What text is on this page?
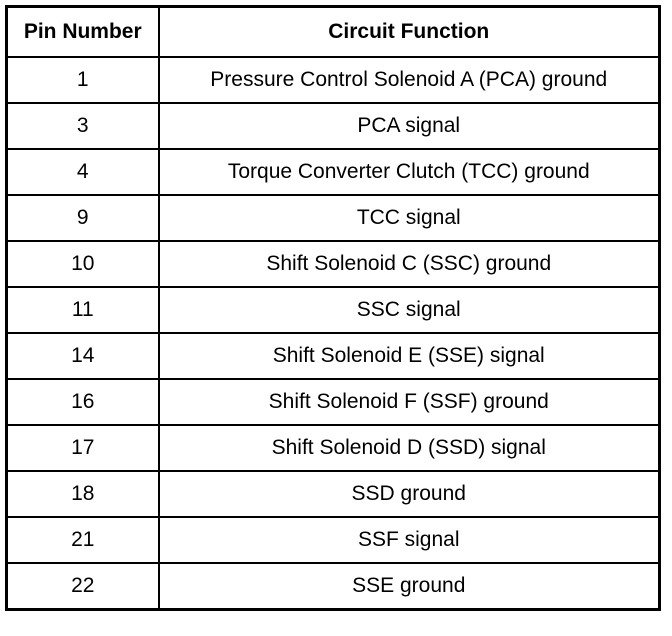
Pin Number	Circuit Function
1	Pressure Control Solenoid A (PCA) ground
3	PCA signal
4	Torque Converter Clutch (TCC) ground
9	TCC signal
10	Shift Solenoid C (SSC) ground
11	SSC signal
14	Shift Solenoid E (SSE) signal
16	Shift Solenoid F (SSF) ground
17	Shift Solenoid D (SSD) signal
18	SSD ground
21	SSF signal
22	SSE ground
